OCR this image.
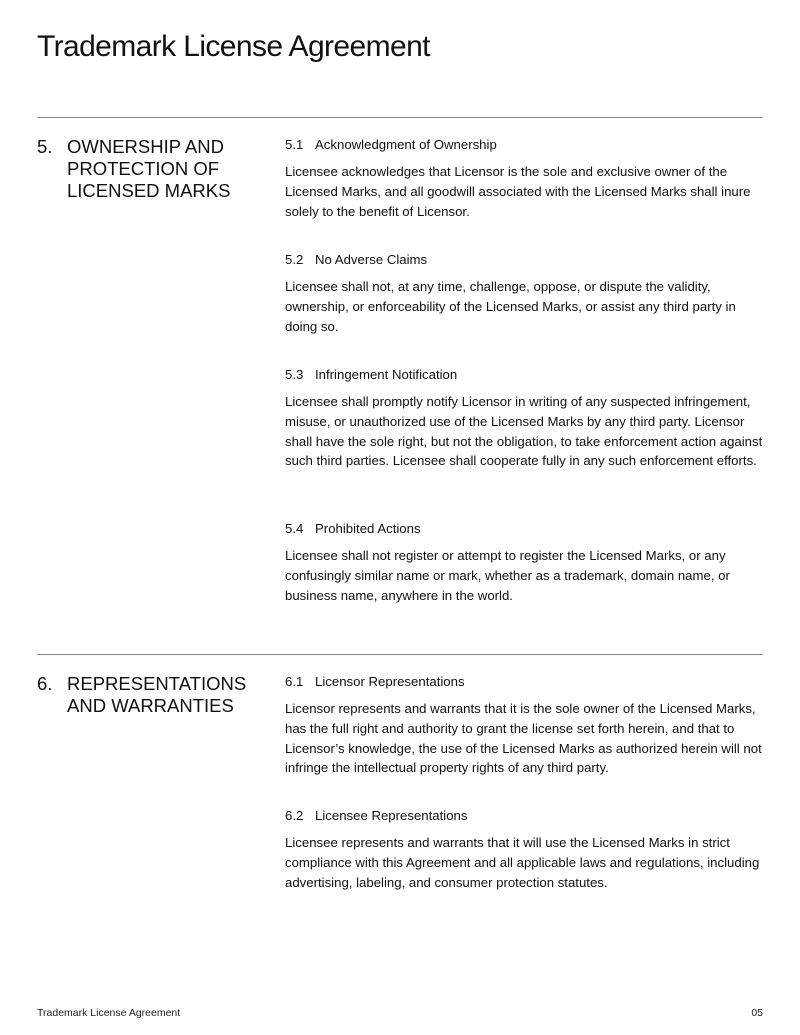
Trademark License Agreement
5. OWNERSHIP AND PROTECTION OF LICENSED MARKS
5.1 Acknowledgment of Ownership

Licensee acknowledges that Licensor is the sole and exclusive owner of the Licensed Marks, and all goodwill associated with the Licensed Marks shall inure solely to the benefit of Licensor.

5.2 No Adverse Claims

Licensee shall not, at any time, challenge, oppose, or dispute the validity, ownership, or enforceability of the Licensed Marks, or assist any third party in doing so.

5.3 Infringement Notification

Licensee shall promptly notify Licensor in writing of any suspected infringement, misuse, or unauthorized use of the Licensed Marks by any third party. Licensor shall have the sole right, but not the obligation, to take enforcement action against such third parties. Licensee shall cooperate fully in any such enforcement efforts.

5.4 Prohibited Actions

Licensee shall not register or attempt to register the Licensed Marks, or any confusingly similar name or mark, whether as a trademark, domain name, or business name, anywhere in the world.

6. REPRESENTATIONS AND WARRANTIES
6.1 Licensor Representations

Licensor represents and warrants that it is the sole owner of the Licensed Marks, has the full right and authority to grant the license set forth herein, and that to Licensor’s knowledge, the use of the Licensed Marks as authorized herein will not infringe the intellectual property rights of any third party.

6.2 Licensee Representations

Licensee represents and warrants that it will use the Licensed Marks in strict compliance with this Agreement and all applicable laws and regulations, including advertising, labeling, and consumer protection statutes.

Trademark License Agreement	05
